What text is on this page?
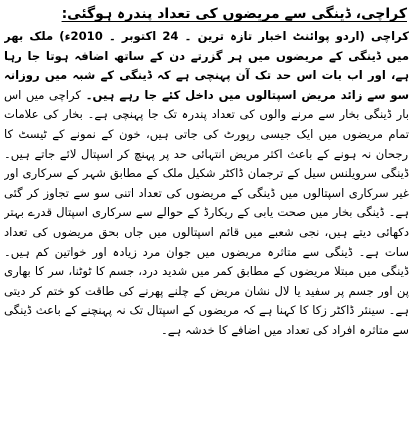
کراچی، ڈینگی سے مریضوں کی تعداد پندرہ ہوگئی:

کراچی (اردو پوائنٹ اخبار تازہ ترین ۔ 24 اکتوبر ۔ 2010ء) ملک بھر میں ڈینگی کے مریضوں میں ہر گزرتے دن کے ساتھ اضافہ ہوتا جا رہا ہے، اور اب بات اس حد تک آن پہنچی ہے کہ ڈینگی کے شبہ میں روزانہ سو سے زائد مریض اسپتالوں میں داخل کئے جا رہے ہیں۔ کراچی میں اس بار ڈینگی بخار سے مرنے والوں کی تعداد پندرہ تک جا پہنچی ہے۔ بخار کی علامات تمام مریضوں میں ایک جیسی رپورٹ کی جاتی ہیں، خون کے نمونے کے ٹیسٹ کا رجحان نہ ہونے کے باعث اکثر مریض انتہائی حد پر پہنچ کر اسپتال لائے جاتے ہیں۔ ڈینگی سرویلنس سیل کے ترجمان ڈاکٹر شکیل ملک کے مطابق شہر کے سرکاری اور غیر سرکاری اسپتالوں میں ڈینگی کے مریضوں کی تعداد اتنی سو سے تجاوز کر گئی ہے۔ ڈینگی بخار میں صحت یابی کے ریکارڈ کے حوالے سے سرکاری اسپتال قدرے بہتر دکھائی دیتے ہیں، نجی شعبے میں قائم اسپتالوں میں جاں بحق مریضوں کی تعداد سات ہے۔ ڈینگی سے متاثرہ مریضوں میں جوان مرد زیادہ اور خواتین کم ہیں۔ ڈینگی میں مبتلا مریضوں کے مطابق کمر میں شدید درد، جسم کا ٹوٹنا، سر کا بھاری پن اور جسم پر سفید یا لال نشان مریض کے چلنے پھرنے کی طاقت کو ختم کر دیتی ہے۔ سینئر ڈاکٹر زکا کا کہنا ہے کہ مریضوں کے اسپتال تک نہ پہنچنے کے باعث ڈینگی سے متاثرہ افراد کی تعداد میں اضافے کا خدشہ ہے۔
